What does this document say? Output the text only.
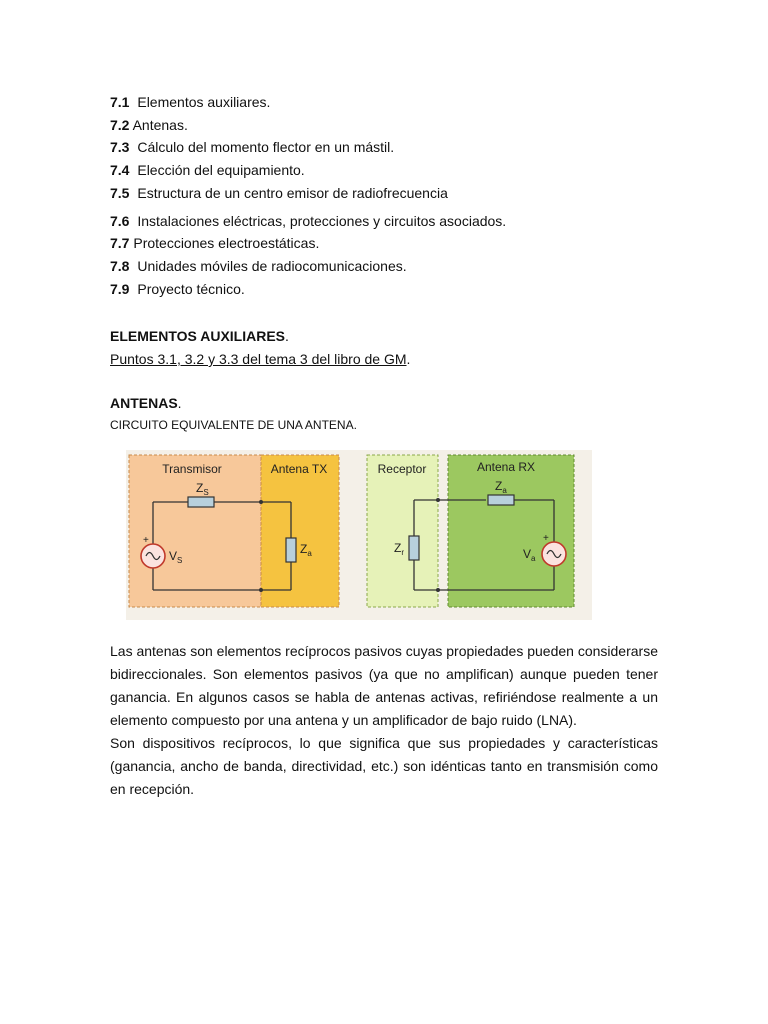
7.1 Elementos auxiliares.
7.2 Antenas.
7.3 Cálculo del momento flector en un mástil.
7.4 Elección del equipamiento.
7.5 Estructura de un centro emisor de radiofrecuencia
7.6 Instalaciones eléctricas, protecciones y circuitos asociados.
7.7 Protecciones electroestáticas.
7.8 Unidades móviles de radiocomunicaciones.
7.9 Proyecto técnico.
ELEMENTOS AUXILIARES.
Puntos 3.1, 3.2 y 3.3 del tema 3 del libro de GM.
ANTENAS.
CIRCUITO EQUIVALENTE DE UNA ANTENA.
Transmisor	Antena TX	Receptor	Antena RX
$Z_S$
$Z_a$
+
$V_S$
$Z_a$
$Z_r$
+
$V_a$

Las antenas son elementos recíprocos pasivos cuyas propiedades pueden considerarse bidireccionales. Son elementos pasivos (ya que no amplifican) aunque pueden tener ganancia. En algunos casos se habla de antenas activas, refiriéndose realmente a un elemento compuesto por una antena y un amplificador de bajo ruido (LNA).

Son dispositivos recíprocos, lo que significa que sus propiedades y características (ganancia, ancho de banda, directividad, etc.) son idénticas tanto en transmisión como en recepción.
